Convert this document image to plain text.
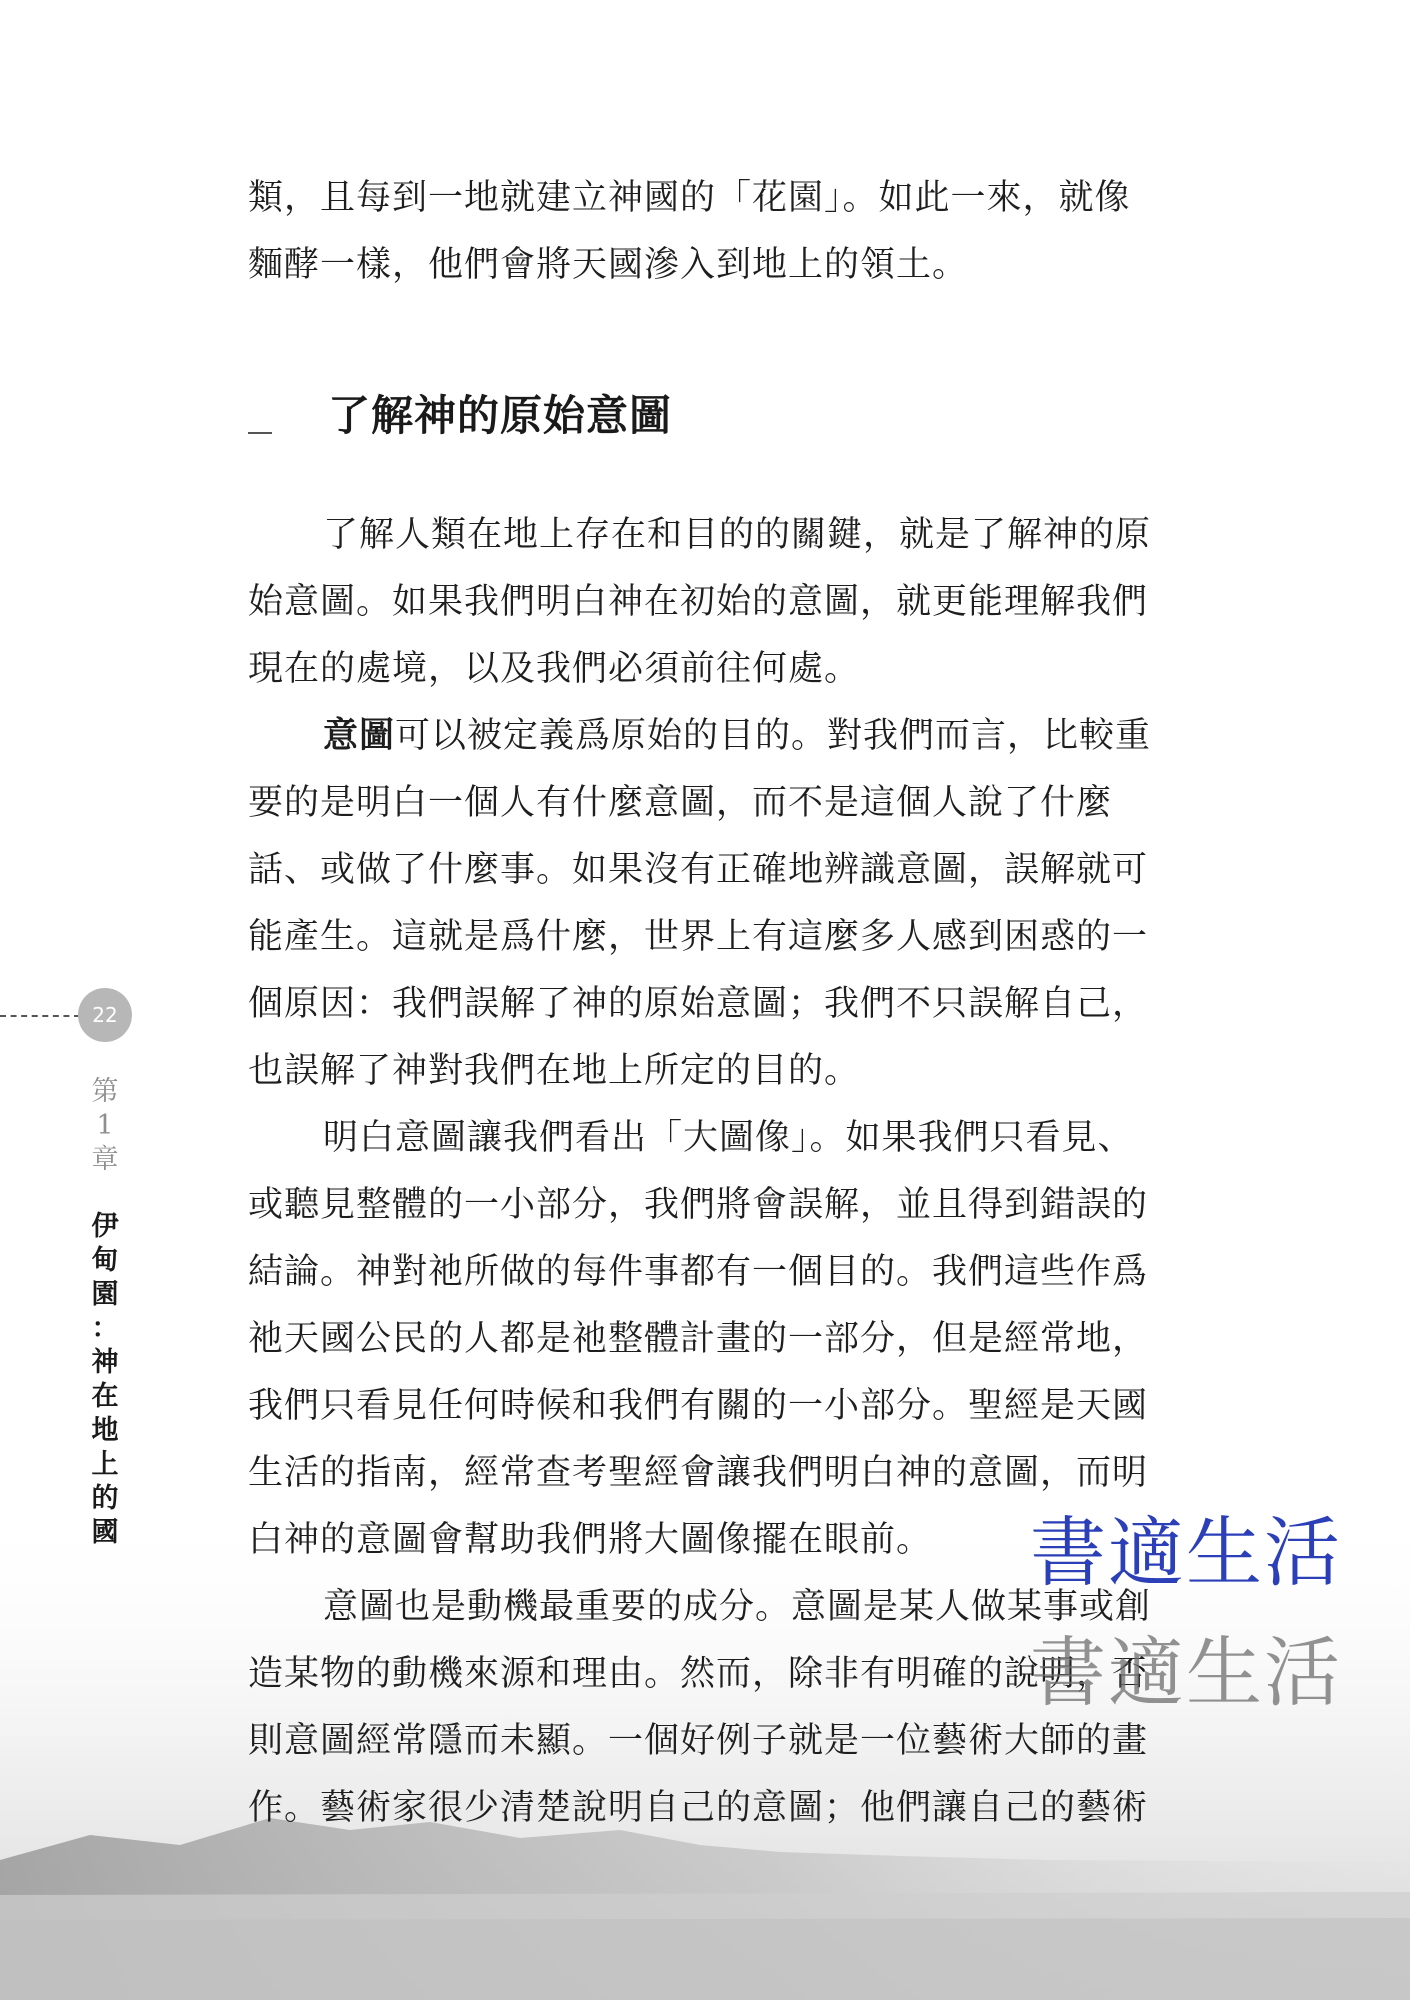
類，且每到一地就建立神國的「花園」。如此一來，就像
麵酵一樣，他們會將天國滲入到地上的領土。

了解神的原始意圖

了解人類在地上存在和目的的關鍵，就是了解神的原
始意圖。如果我們明白神在初始的意圖，就更能理解我們
現在的處境，以及我們必須前往何處。

意圖可以被定義爲原始的目的。對我們而言，比較重
要的是明白一個人有什麼意圖，而不是這個人說了什麼
話、或做了什麼事。如果沒有正確地辨識意圖，誤解就可
能產生。這就是爲什麼，世界上有這麼多人感到困惑的一
個原因：我們誤解了神的原始意圖；我們不只誤解自己，
也誤解了神對我們在地上所定的目的。

明白意圖讓我們看出「大圖像」。如果我們只看見、
或聽見整體的一小部分，我們將會誤解，並且得到錯誤的
結論。神對祂所做的每件事都有一個目的。我們這些作爲
祂天國公民的人都是祂整體計畫的一部分，但是經常地，
我們只看見任何時候和我們有關的一小部分。聖經是天國
生活的指南，經常查考聖經會讓我們明白神的意圖，而明
白神的意圖會幫助我們將大圖像擺在眼前。

意圖也是動機最重要的成分。意圖是某人做某事或創
造某物的動機來源和理由。然而，除非有明確的說明，否
則意圖經常隱而未顯。一個好例子就是一位藝術大師的畫
作。藝術家很少清楚說明自己的意圖；他們讓自己的藝術

22
第
1
章
伊
甸
園
：
神
在
地
上
的
國	書適生活
書適生活
